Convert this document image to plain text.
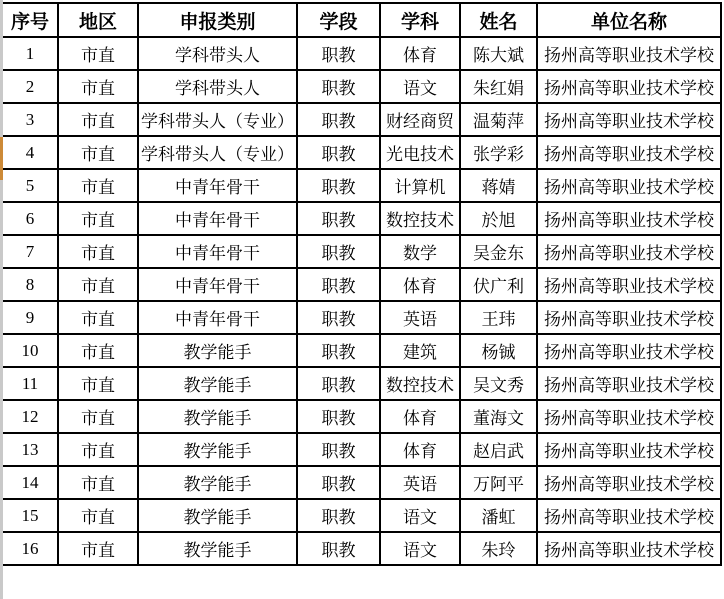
序号	地区	申报类别	学段	学科	姓名	单位名称
1	市直	学科带头人	职教	体育	陈大斌	扬州高等职业技术学校
2	市直	学科带头人	职教	语文	朱红娟	扬州高等职业技术学校
3	市直	学科带头人（专业）	职教	财经商贸	温菊萍	扬州高等职业技术学校
4	市直	学科带头人（专业）	职教	光电技术	张学彩	扬州高等职业技术学校
5	市直	中青年骨干	职教	计算机	蒋婧	扬州高等职业技术学校
6	市直	中青年骨干	职教	数控技术	於旭	扬州高等职业技术学校
7	市直	中青年骨干	职教	数学	吴金东	扬州高等职业技术学校
8	市直	中青年骨干	职教	体育	伏广利	扬州高等职业技术学校
9	市直	中青年骨干	职教	英语	王玮	扬州高等职业技术学校
10	市直	教学能手	职教	建筑	杨铖	扬州高等职业技术学校
11	市直	教学能手	职教	数控技术	吴文秀	扬州高等职业技术学校
12	市直	教学能手	职教	体育	董海文	扬州高等职业技术学校
13	市直	教学能手	职教	体育	赵启武	扬州高等职业技术学校
14	市直	教学能手	职教	英语	万阿平	扬州高等职业技术学校
15	市直	教学能手	职教	语文	潘虹	扬州高等职业技术学校
16	市直	教学能手	职教	语文	朱玲	扬州高等职业技术学校
